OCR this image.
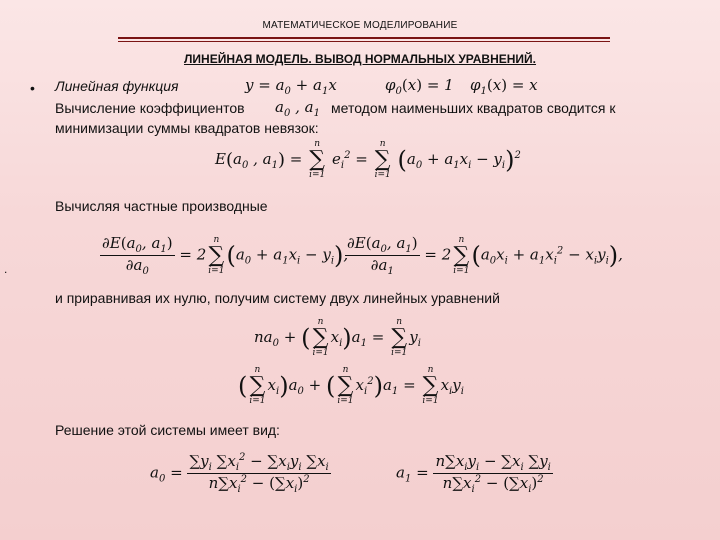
МАТЕМАТИЧЕСКОЕ МОДЕЛИРОВАНИЕ
ЛИНЕЙНАЯ МОДЕЛЬ. ВЫВОД НОРМАЛЬНЫХ УРАВНЕНИЙ.
• Линейная функция	$y = a_0 + a_1x$	$\varphi_0(x) = 1$ $\varphi_1(x) = x$
Вычисление коэффициентов $a_0$ , $a_1$ методом наименьших квадратов сводится к
минимизации суммы квадратов невязок:
$E(a_0$ , $a_1$) =
n
∑
i=1
$e_i^2$ =
n
∑
i=1
$(a_0 + a_1x_i - y_i)^2$
Вычисляя частные производные
$\frac{\partial E(a_0, a_1)}{\partial a_0} = 2$
n
∑
i=1
$(a_0 + a_1x_i - y_i)$,
$\frac{\partial E(a_0, a_1)}{\partial a_1} = 2$
n
∑
i=1
$(a_0x_i + a_1x_i^2 - x_iy_i)$,
.
и приравнивая их нулю, получим систему двух линейных уравнений
$na_0$ + (
n
∑
i=1
$x_i)a_1$ =
n
∑
i=1
$y_i$
(
n
∑
i=1
$x_i)a_0$ + (
n
∑
i=1
$x_i^2)a_1$ =
n
∑
i=1
$x_iy_i$
Решение этой системы имеет вид:
$a_0 = \frac{\sum y_i \sum x_i^2 - \sum x_iy_i \sum x_i}{n\sum x_i^2 - (\sum x_i)^2}$	$a_1 = \frac{n\sum x_iy_i - \sum x_i \sum y_i}{n\sum x_i^2 - (\sum x_i)^2}$
